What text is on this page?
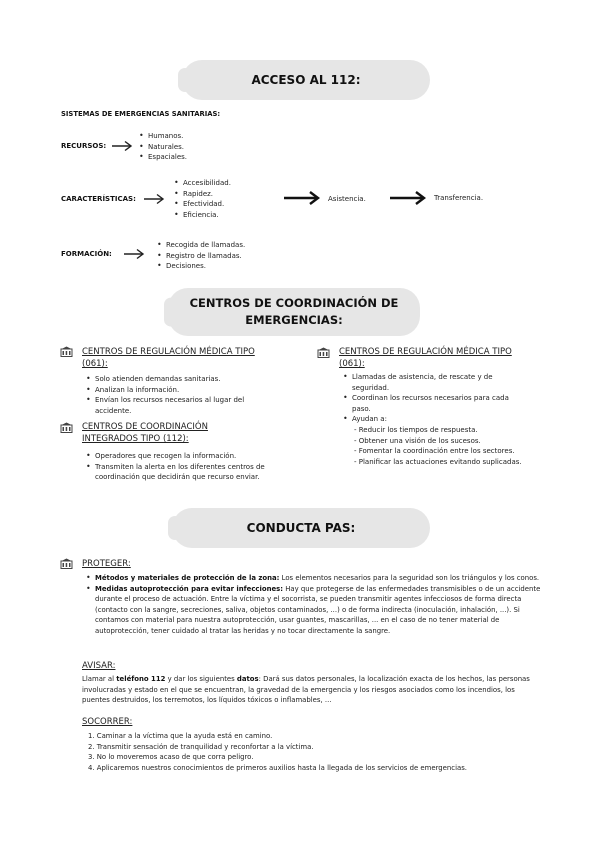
ACCESO AL 112:
SISTEMAS DE EMERGENCIAS SANITARIAS:
RECURSOS:
• Humanos.
• Naturales.
• Espaciales.
CARACTERÍSTICAS:
• Accesibilidad.
• Rapidez.
• Efectividad.
• Eficiencia.
Asistencia.	Transferencia.
FORMACIÓN:
• Recogida de llamadas.
• Registro de llamadas.
• Decisiones.
CENTROS DE COORDINACIÓN DE
EMERGENCIAS:
CENTROS DE REGULACIÓN MÉDICA TIPO
(061):
• Solo atienden demandas sanitarias.
• Analizan la información.
• Envían los recursos necesarios al lugar del accidente.
CENTROS DE COORDINACIÓN
INTEGRADOS TIPO (112):
• Operadores que recogen la información.
• Transmiten la alerta en los diferentes centros de coordinación que decidirán que recurso enviar.
CENTROS DE REGULACIÓN MÉDICA TIPO
(061):
• Llamadas de asistencia, de rescate y de seguridad.
• Coordinan los recursos necesarios para cada paso.
• Ayudan a:
- Reducir los tiempos de respuesta.
- Obtener una visión de los sucesos.
- Fomentar la coordinación entre los sectores.
- Planificar las actuaciones evitando suplicadas.
CONDUCTA PAS:
PROTEGER:
• Métodos y materiales de protección de la zona: Los elementos necesarios para la seguridad son los triángulos y los conos.
• Medidas autoprotección para evitar infecciones: Hay que protegerse de las enfermedades transmisibles o de un accidente durante el proceso de actuación. Entre la víctima y el socorrista, se pueden transmitir agentes infecciosos de forma directa (contacto con la sangre, secreciones, saliva, objetos contaminados, ...) o de forma indirecta (inoculación, inhalación, ...). Si contamos con material para nuestra autoprotección, usar guantes, mascarillas, ... en el caso de no tener material de autoprotección, tener cuidado al tratar las heridas y no tocar directamente la sangre.
AVISAR:

Llamar al teléfono 112 y dar los siguientes datos: Dará sus datos personales, la localización exacta de los hechos, las personas involucradas y estado en el que se encuentran, la gravedad de la emergencia y los riesgos asociados como los incendios, los puentes destruidos, los terremotos, los líquidos tóxicos o inflamables, ...

SOCORRER:
1. Caminar a la víctima que la ayuda está en camino.
2. Transmitir sensación de tranquilidad y reconfortar a la víctima.
3. No lo moveremos acaso de que corra peligro.
4. Aplicaremos nuestros conocimientos de primeros auxilios hasta la llegada de los servicios de emergencias.
